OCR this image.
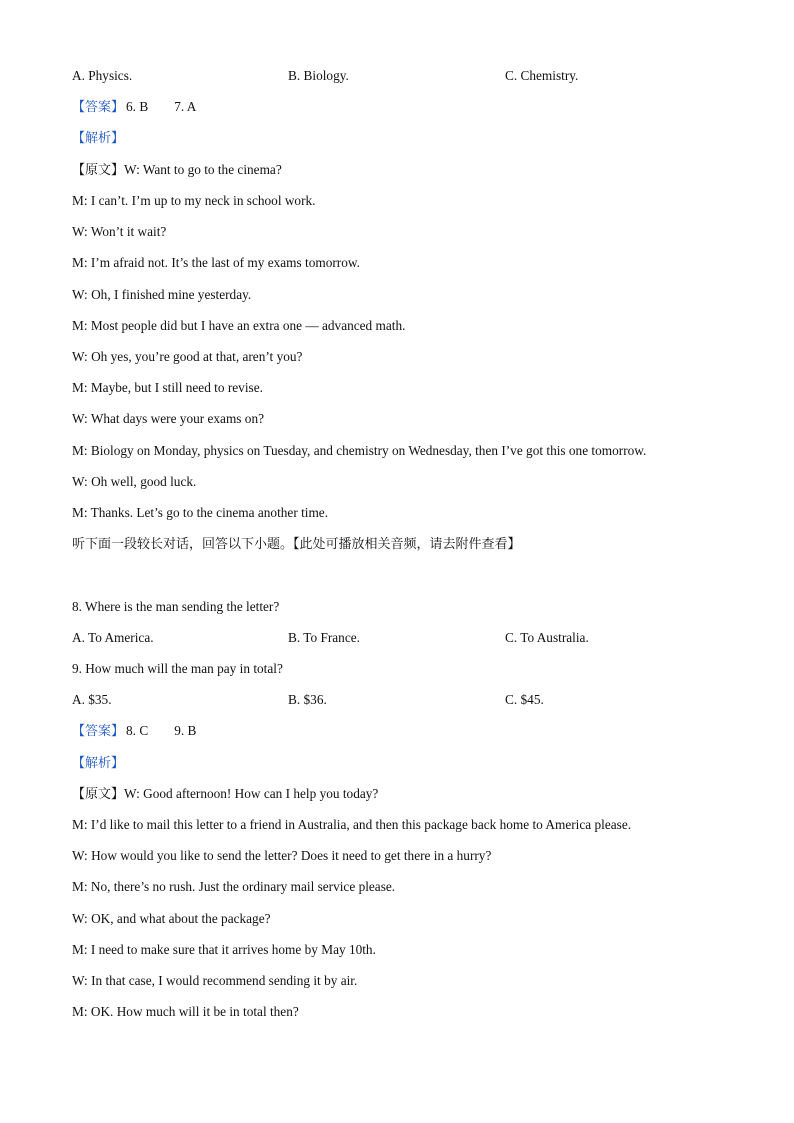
A. Physics.	B. Biology.	C. Chemistry.
【答案】 6. B 7. A
【解析】
【原文】W: Want to go to the cinema?
M: I can’t. I’m up to my neck in school work.
W: Won’t it wait?
M: I’m afraid not. It’s the last of my exams tomorrow.
W: Oh, I finished mine yesterday.
M: Most people did but I have an extra one — advanced math.
W: Oh yes, you’re good at that, aren’t you?
M: Maybe, but I still need to revise.
W: What days were your exams on?
M: Biology on Monday, physics on Tuesday, and chemistry on Wednesday, then I’ve got this one tomorrow.
W: Oh well, good luck.
M: Thanks. Let’s go to the cinema another time.
听下面一段较长对话，回答以下小题。【此处可播放相关音频，请去附件查看】
8. Where is the man sending the letter?
A. To America.	B. To France.	C. To Australia.
9. How much will the man pay in total?
A. $35.	B. $36.	C. $45.
【答案】 8. C 9. B
【解析】
【原文】W: Good afternoon! How can I help you today?
M: I’d like to mail this letter to a friend in Australia, and then this package back home to America please.
W: How would you like to send the letter? Does it need to get there in a hurry?
M: No, there’s no rush. Just the ordinary mail service please.
W: OK, and what about the package?
M: I need to make sure that it arrives home by May 10th.
W: In that case, I would recommend sending it by air.
M: OK. How much will it be in total then?
